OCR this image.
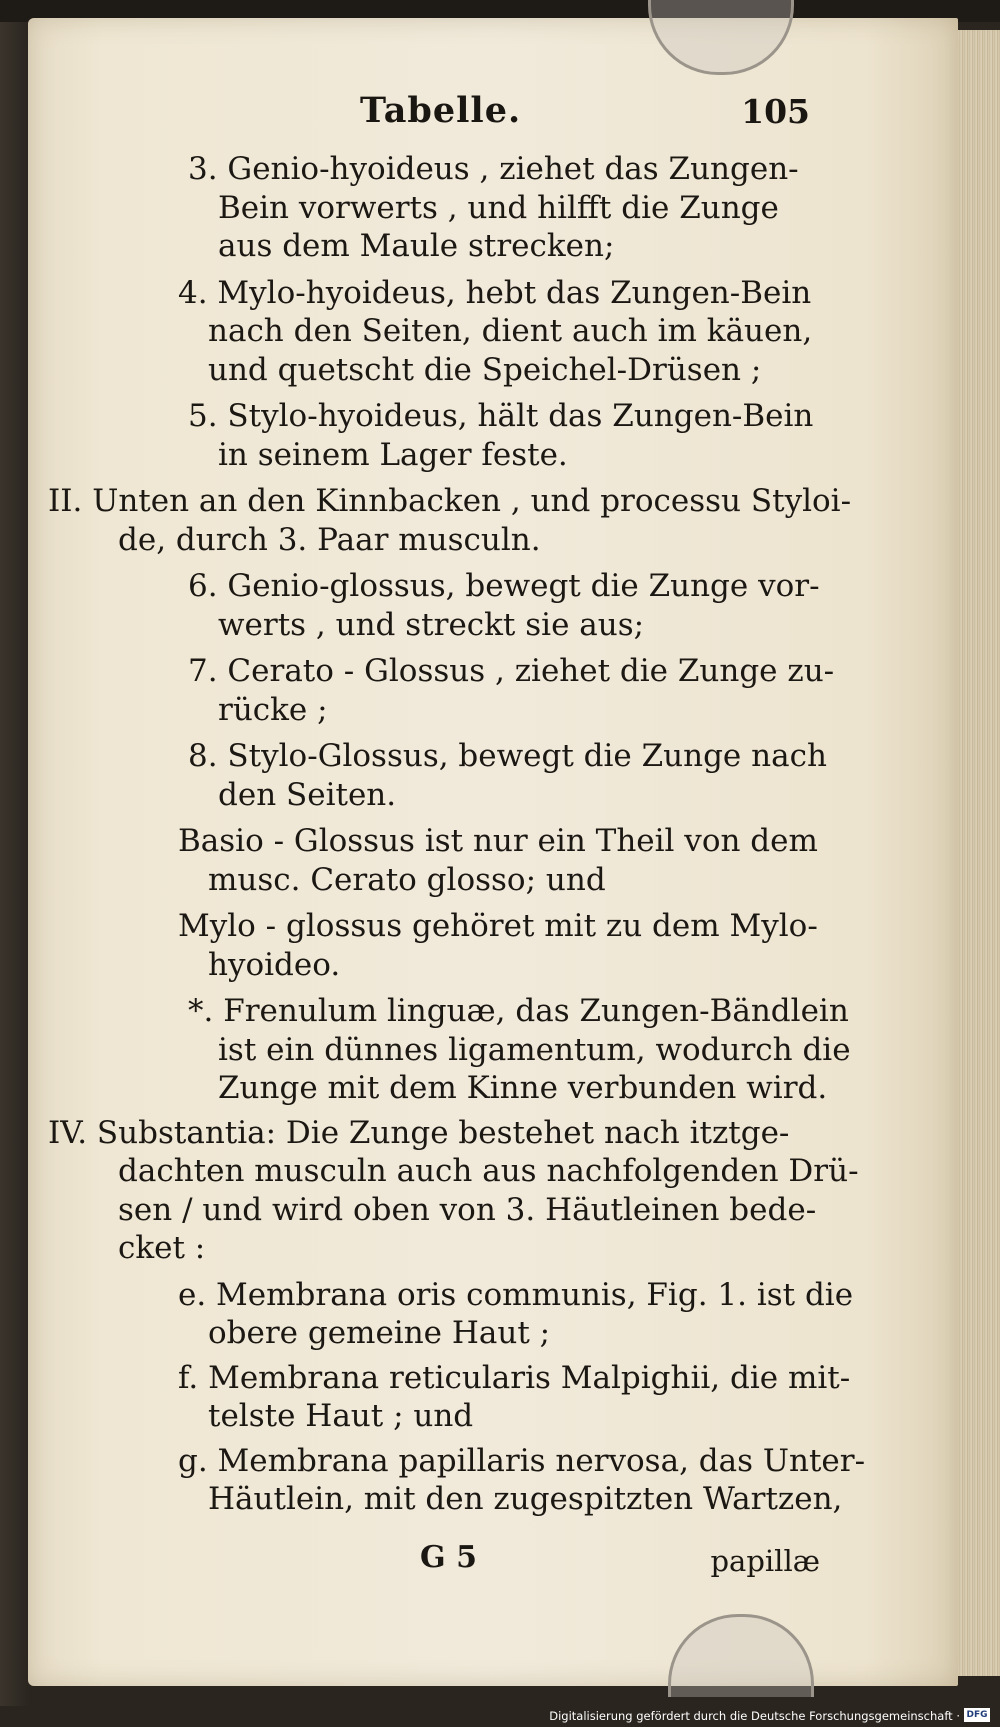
Tabelle.	105
3. Genio-hyoideus , ziehet das Zungen-
Bein vorwerts , und hilfft die Zunge
aus dem Maule strecken;
4. Mylo-hyoideus, hebt das Zungen-Bein
nach den Seiten, dient auch im käuen,
und quetscht die Speichel-Drüsen ;
5. Stylo-hyoideus, hält das Zungen-Bein
in seinem Lager feste.
II. Unten an den Kinnbacken , und processu Styloi-
de, durch 3. Paar musculn.
6. Genio-glossus, bewegt die Zunge vor-
werts , und streckt sie aus;
7. Cerato - Glossus , ziehet die Zunge zu-
rücke ;
8. Stylo-Glossus, bewegt die Zunge nach
den Seiten.
Basio - Glossus ist nur ein Theil von dem
musc. Cerato glosso; und
Mylo - glossus gehöret mit zu dem Mylo-
hyoideo.
*. Frenulum linguæ, das Zungen-Bändlein
ist ein dünnes ligamentum, wodurch die
Zunge mit dem Kinne verbunden wird.
IV. Substantia: Die Zunge bestehet nach itztge-
dachten musculn auch aus nachfolgenden Drü-
sen / und wird oben von 3. Häutleinen bede-
cket :
e. Membrana oris communis, Fig. 1. ist die
obere gemeine Haut ;
f. Membrana reticularis Malpighii, die mit-
telste Haut ; und
g. Membrana papillaris nervosa, das Unter-
Häutlein, mit den zugespitzten Wartzen,
G 5	papillæ
Digitalisierung gefördert durch die Deutsche Forschungsgemeinschaft · DFG
